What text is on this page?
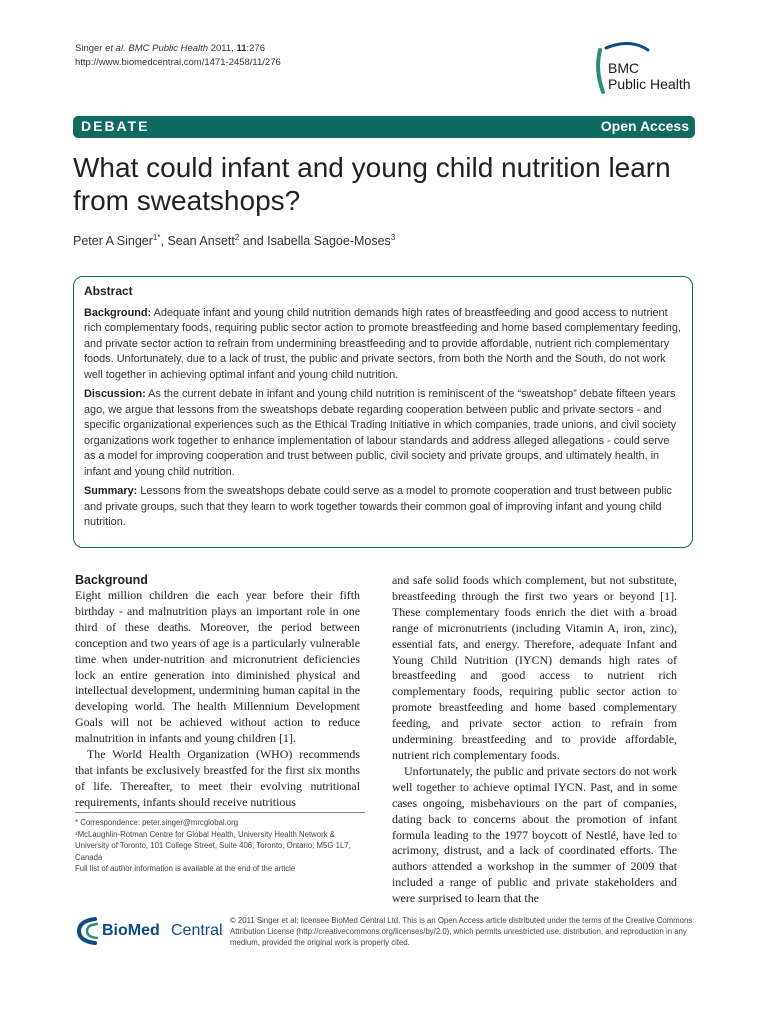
Singer et al. BMC Public Health 2011, 11:276
http://www.biomedcentral.com/1471-2458/11/276	BMC
Public Health
DEBATE	Open Access
What could infant and young child nutrition learn from sweatshops?
Peter A Singer$^{1*}$, Sean Ansett$^2$ and Isabella Sagoe-Moses$^3$
Abstract

Background: Adequate infant and young child nutrition demands high rates of breastfeeding and good access to nutrient rich complementary foods, requiring public sector action to promote breastfeeding and home based complementary feeding, and private sector action to refrain from undermining breastfeeding and to provide affordable, nutrient rich complementary foods. Unfortunately, due to a lack of trust, the public and private sectors, from both the North and the South, do not work well together in achieving optimal infant and young child nutrition.

Discussion: As the current debate in infant and young child nutrition is reminiscent of the “sweatshop” debate fifteen years ago, we argue that lessons from the sweatshops debate regarding cooperation between public and private sectors - and specific organizational experiences such as the Ethical Trading Initiative in which companies, trade unions, and civil society organizations work together to enhance implementation of labour standards and address alleged allegations - could serve as a model for improving cooperation and trust between public, civil society and private groups, and ultimately health, in infant and young child nutrition.

Summary: Lessons from the sweatshops debate could serve as a model to promote cooperation and trust between public and private groups, such that they learn to work together towards their common goal of improving infant and young child nutrition.

Background

Eight million children die each year before their fifth birthday - and malnutrition plays an important role in one third of these deaths. Moreover, the period between conception and two years of age is a particularly vulnerable time when under-nutrition and micronutrient deficiencies lock an entire generation into diminished physical and intellectual development, undermining human capital in the developing world. The health Millennium Development Goals will not be achieved without action to reduce malnutrition in infants and young children [1].

The World Health Organization (WHO) recommends that infants be exclusively breastfed for the first six months of life. Thereafter, to meet their evolving nutritional requirements, infants should receive nutritious

and safe solid foods which complement, but not substitute, breastfeeding through the first two years or beyond [1]. These complementary foods enrich the diet with a broad range of micronutrients (including Vitamin A, iron, zinc), essential fats, and energy. Therefore, adequate Infant and Young Child Nutrition (IYCN) demands high rates of breastfeeding and good access to nutrient rich complementary foods, requiring public sector action to promote breastfeeding and home based complementary feeding, and private sector action to refrain from undermining breastfeeding and to provide affordable, nutrient rich complementary foods.

Unfortunately, the public and private sectors do not work well together to achieve optimal IYCN. Past, and in some cases ongoing, misbehaviours on the part of companies, dating back to concerns about the promotion of infant formula leading to the 1977 boycott of Nestlé, have led to acrimony, distrust, and a lack of coordinated efforts. The authors attended a workshop in the summer of 2009 that included a range of public and private stakeholders and were surprised to learn that the

* Correspondence: peter.singer@mrcglobal.org
¹McLaughlin-Rotman Centre for Global Health, University Health Network & University of Toronto, 101 College Street, Suite 406, Toronto, Ontario, M5G 1L7, Canada
Full list of author information is available at the end of the article
BioMed Central
© 2011 Singer et al; licensee BioMed Central Ltd. This is an Open Access article distributed under the terms of the Creative Commons Attribution License (http://creativecommons.org/licenses/by/2.0), which permits unrestricted use, distribution, and reproduction in any medium, provided the original work is properly cited.
